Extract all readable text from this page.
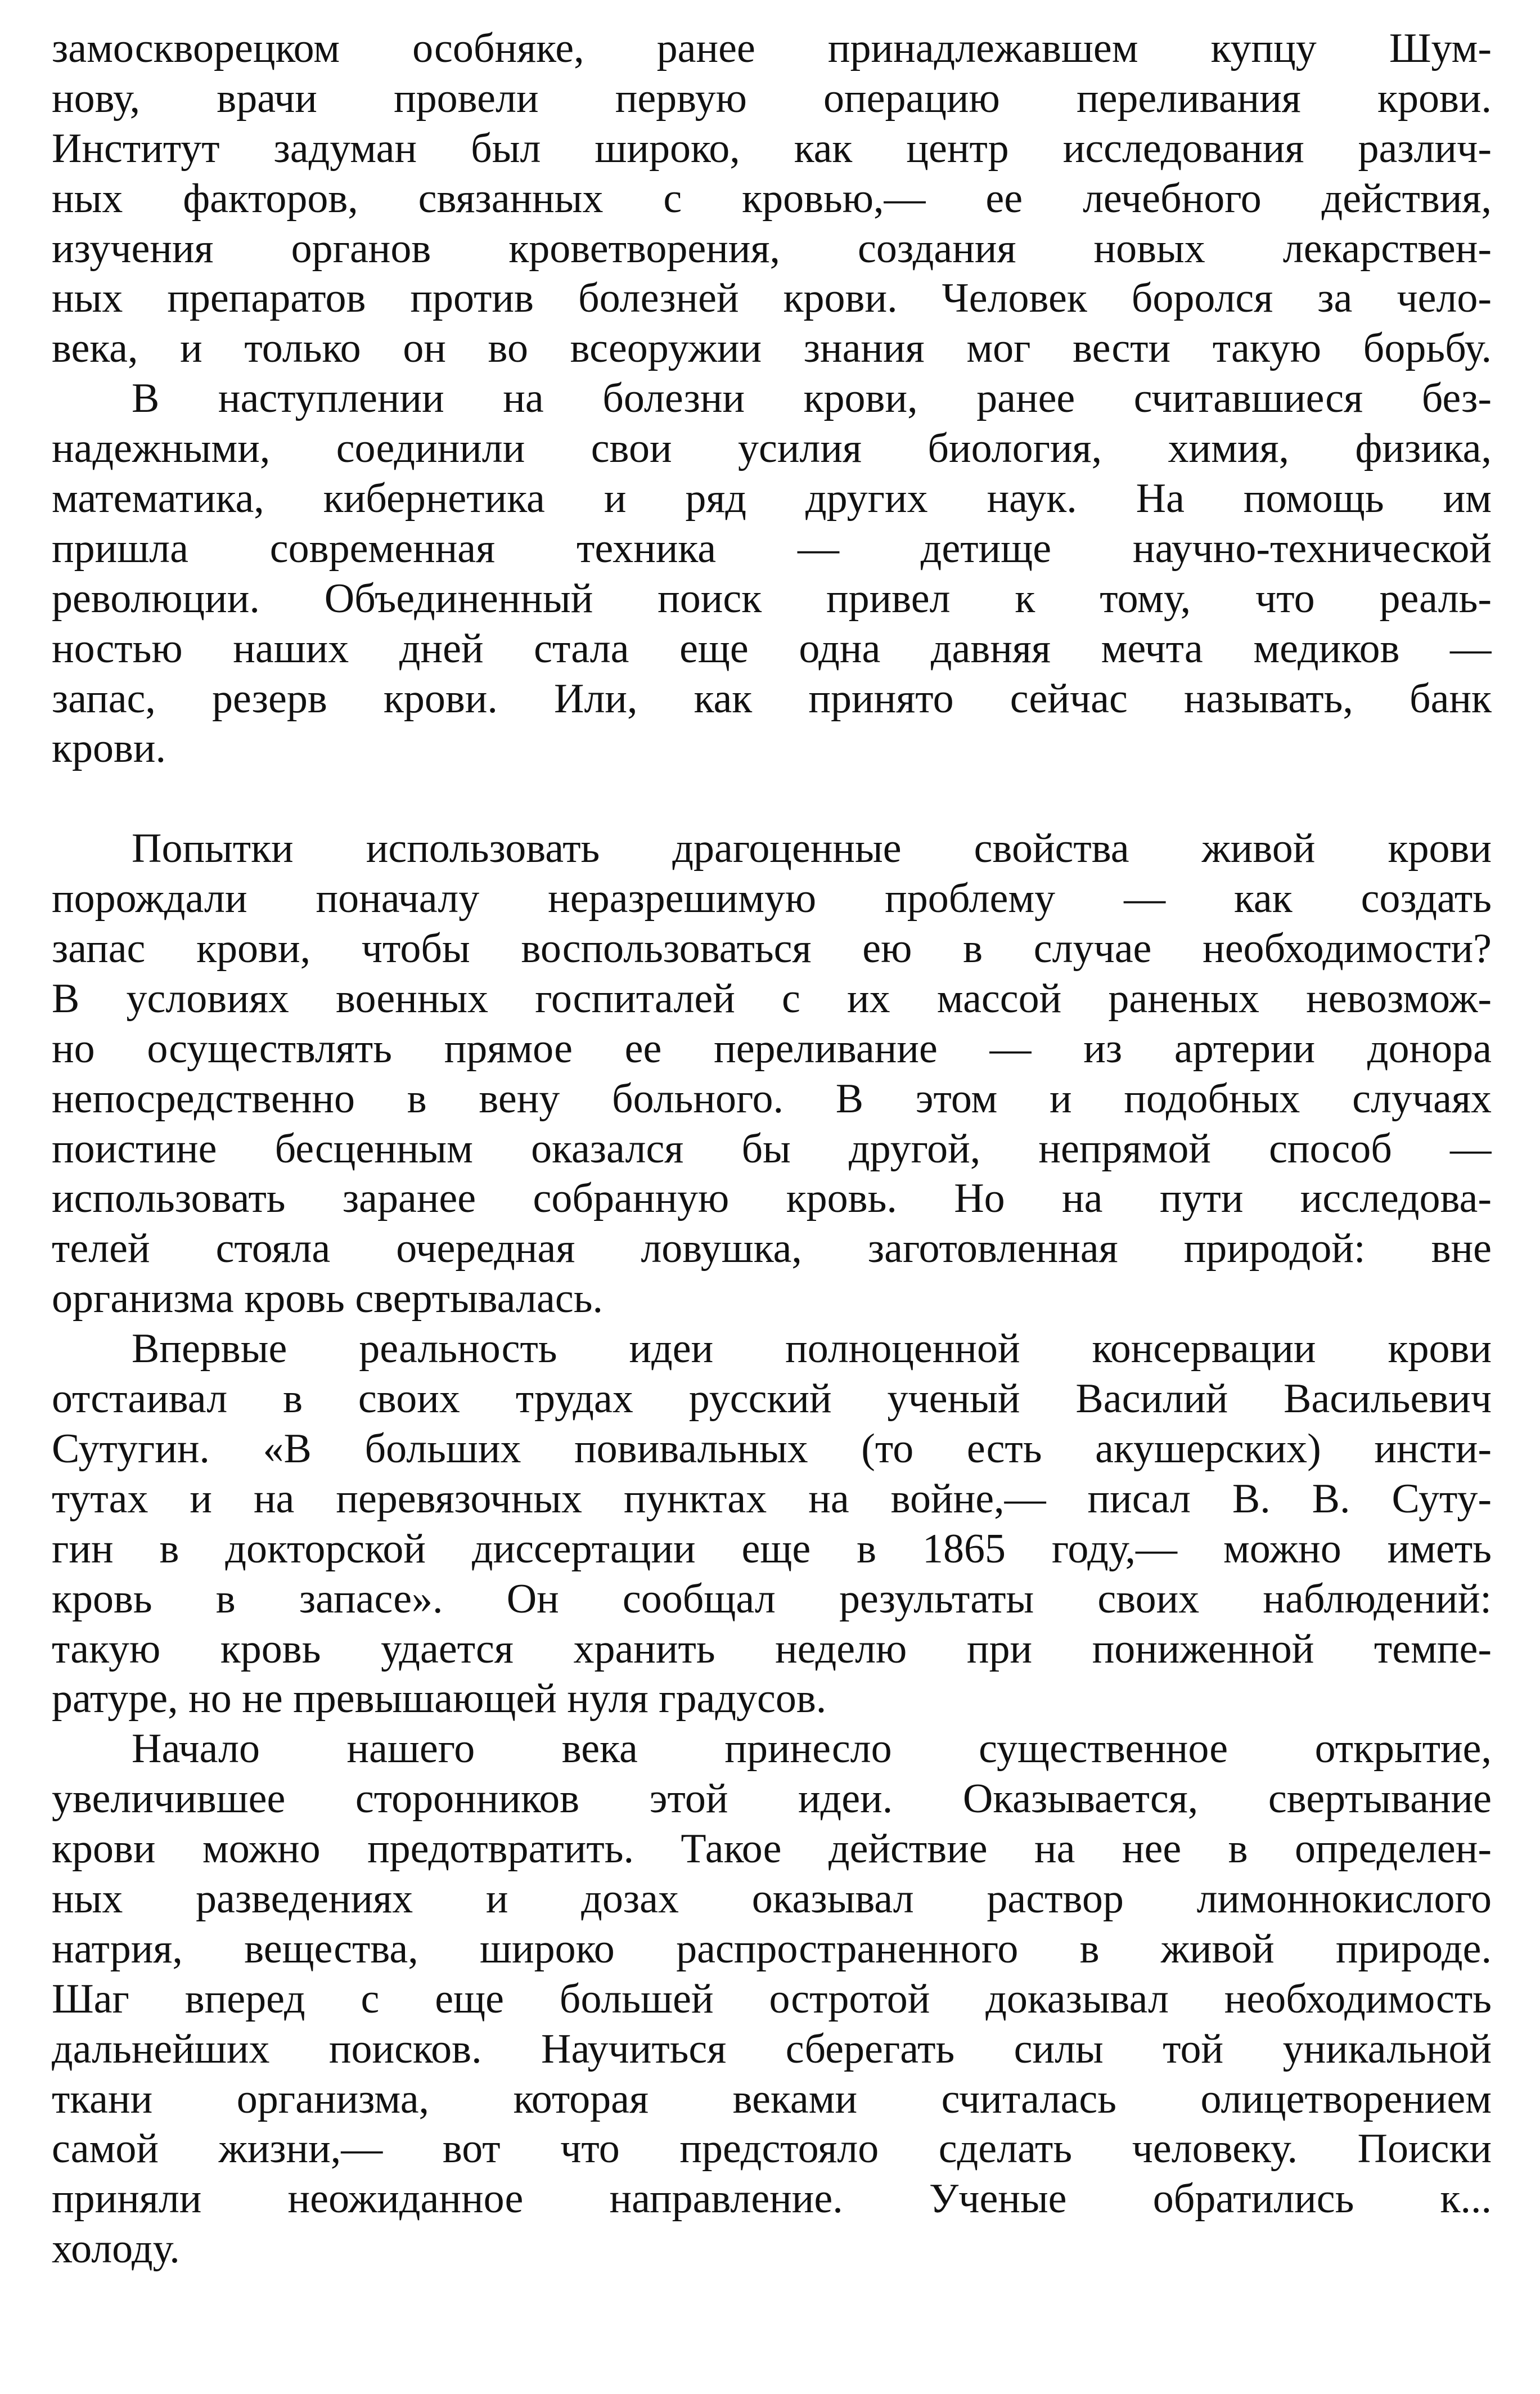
замоскворецком особняке, ранее принадлежавшем купцу Шум-
нову, врачи провели первую операцию переливания крови.
Институт задуман был широко, как центр исследования различ-
ных факторов, связанных с кровью,— ее лечебного действия,
изучения органов кроветворения, создания новых лекарствен-
ных препаратов против болезней крови. Человек боролся за чело-
века, и только он во всеоружии знания мог вести такую борьбу.
В наступлении на болезни крови, ранее считавшиеся без-
надежными, соединили свои усилия биология, химия, физика,
математика, кибернетика и ряд других наук. На помощь им
пришла современная техника — детище научно-технической
революции. Объединенный поиск привел к тому, что реаль-
ностью наших дней стала еще одна давняя мечта медиков —
запас, резерв крови. Или, как принято сейчас называть, банк
крови.
Попытки использовать драгоценные свойства живой крови
порождали поначалу неразрешимую проблему — как создать
запас крови, чтобы воспользоваться ею в случае необходимости?
В условиях военных госпиталей с их массой раненых невозмож-
но осуществлять прямое ее переливание — из артерии донора
непосредственно в вену больного. В этом и подобных случаях
поистине бесценным оказался бы другой, непрямой способ —
использовать заранее собранную кровь. Но на пути исследова-
телей стояла очередная ловушка, заготовленная природой: вне
организма кровь свертывалась.
Впервые реальность идеи полноценной консервации крови
отстаивал в своих трудах русский ученый Василий Васильевич
Сутугин. «В больших повивальных (то есть акушерских) инсти-
тутах и на перевязочных пунктах на войне,— писал В. В. Суту-
гин в докторской диссертации еще в 1865 году,— можно иметь
кровь в запасе». Он сообщал результаты своих наблюдений:
такую кровь удается хранить неделю при пониженной темпе-
ратуре, но не превышающей нуля градусов.
Начало нашего века принесло существенное открытие,
увеличившее сторонников этой идеи. Оказывается, свертывание
крови можно предотвратить. Такое действие на нее в определен-
ных разведениях и дозах оказывал раствор лимоннокислого
натрия, вещества, широко распространенного в живой природе.
Шаг вперед с еще большей остротой доказывал необходимость
дальнейших поисков. Научиться сберегать силы той уникальной
ткани организма, которая веками считалась олицетворением
самой жизни,— вот что предстояло сделать человеку. Поиски
приняли неожиданное направление. Ученые обратились к...
холоду.
